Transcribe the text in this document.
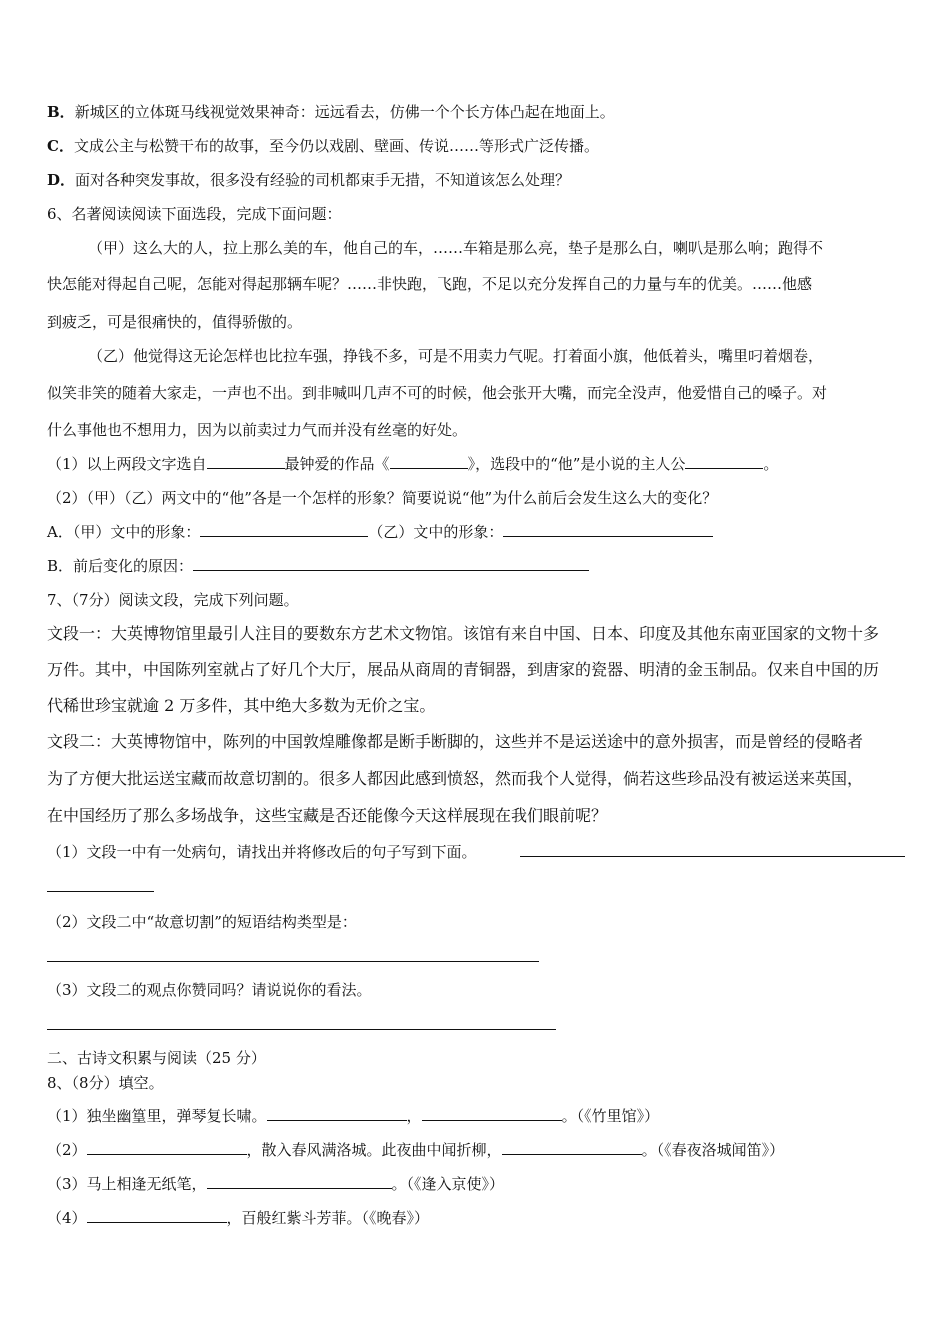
B．新城区的立体斑马线视觉效果神奇：远远看去，仿佛一个个长方体凸起在地面上。
C．文成公主与松赞干布的故事，至今仍以戏剧、壁画、传说……等形式广泛传播。
D．面对各种突发事故，很多没有经验的司机都束手无措，不知道该怎么处理？
6、名著阅读阅读下面选段，完成下面问题：
（甲）这么大的人，拉上那么美的车，他自己的车，……车箱是那么亮，垫子是那么白，喇叭是那么响；跑得不
快怎能对得起自己呢，怎能对得起那辆车呢？……非快跑，飞跑，不足以充分发挥自己的力量与车的优美。……他感
到疲乏，可是很痛快的，值得骄傲的。
（乙）他觉得这无论怎样也比拉车强，挣钱不多，可是不用卖力气呢。打着面小旗，他低着头，嘴里叼着烟卷，
似笑非笑的随着大家走，一声也不出。到非喊叫几声不可的时候，他会张开大嘴，而完全没声，他爱惜自己的嗓子。对
什么事他也不想用力，因为以前卖过力气而并没有丝毫的好处。
（1）以上两段文字选自	最钟爱的作品《	》，选段中的“他”是小说的主人公	。
（2）（甲）（乙）两文中的“他”各是一个怎样的形象？简要说说“他”为什么前后会发生这么大的变化？
A．（甲）文中的形象：	（乙）文中的形象：
B．前后变化的原因：
7、（7分）阅读文段，完成下列问题。
文段一：大英博物馆里最引人注目的要数东方艺术文物馆。该馆有来自中国、日本、印度及其他东南亚国家的文物十多
万件。其中，中国陈列室就占了好几个大厅，展品从商周的青铜器，到唐家的瓷器、明清的金玉制品。仅来自中国的历
代稀世珍宝就逾 2 万多件，其中绝大多数为无价之宝。
文段二：大英博物馆中，陈列的中国敦煌雕像都是断手断脚的，这些并不是运送途中的意外损害，而是曾经的侵略者
为了方便大批运送宝藏而故意切割的。很多人都因此感到愤怒，然而我个人觉得，倘若这些珍品没有被运送来英国，
在中国经历了那么多场战争，这些宝藏是否还能像今天这样展现在我们眼前呢？
（1）文段一中有一处病句，请找出并将修改后的句子写到下面。
（2）文段二中“故意切割”的短语结构类型是：
（3）文段二的观点你赞同吗？请说说你的看法。
二、古诗文积累与阅读（25 分）
8、（8分）填空。
（1）独坐幽篁里，弹琴复长啸。	，	。（《竹里馆》）
（2）	，散入春风满洛城。此夜曲中闻折柳，	。（《春夜洛城闻笛》）
（3）马上相逢无纸笔，	。（《逢入京使》）
（4）	，百般红紫斗芳菲。（《晚春》）
